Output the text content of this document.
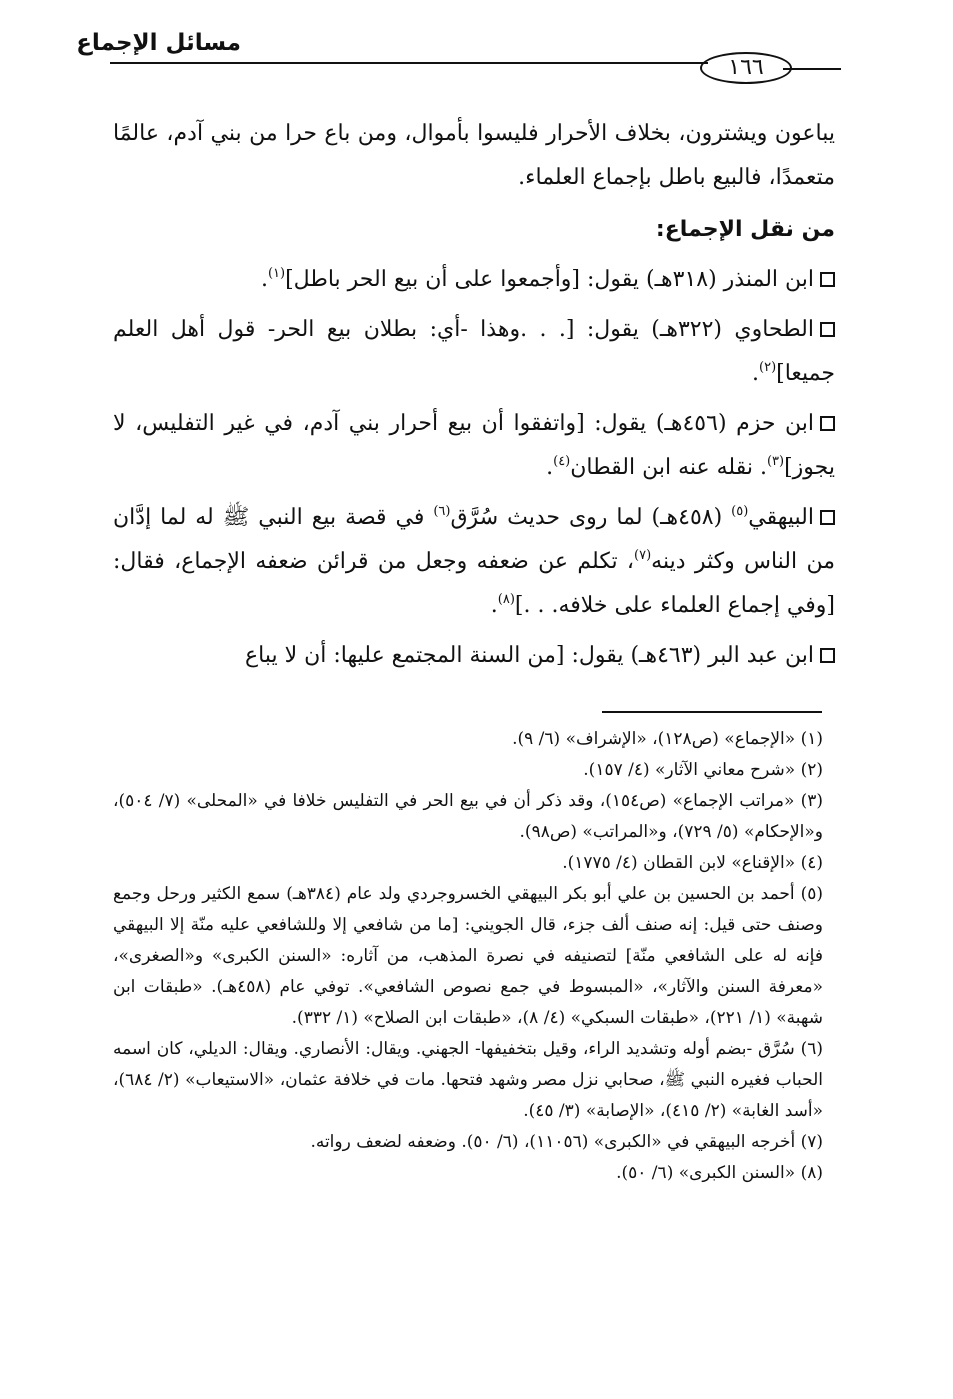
مسائل الإجماع
١٦٦

يباعون ويشترون، بخلاف الأحرار فليسوا بأموال، ومن باع حرا من بني آدم، عالمًا متعمدًا، فالبيع باطل بإجماع العلماء.

من نقل الإجماع:

ابن المنذر (٣١٨هـ) يقول: [وأجمعوا على أن بيع الحر باطل]$^{(١)}$.

الطحاوي (٣٢٢هـ) يقول: [. . .وهذا -أي: بطلان بيع الحر- قول أهل العلم جميعا]$^{(٢)}$.

ابن حزم (٤٥٦هـ) يقول: [واتفقوا أن بيع أحرار بني آدم، في غير التفليس، لا يجوز]$^{(٣)}$. نقله عنه ابن القطان$^{(٤)}$.

البيهقي$^{(٥)}$ (٤٥٨هـ) لما روى حديث سُرَّق$^{(٦)}$ في قصة بيع النبي ﷺ له لما إدَّان من الناس وكثر دينه$^{(٧)}$، تكلم عن ضعفه وجعل من قرائن ضعفه الإجماع، فقال: [وفي إجماع العلماء على خلافه. . .]$^{(٨)}$.

ابن عبد البر (٤٦٣هـ) يقول: [من السنة المجتمع عليها: أن لا يباع

(١) «الإجماع» (ص١٢٨)، «الإشراف» (٦/ ٩).

(٢) «شرح معاني الآثار» (٤/ ١٥٧).

(٣) «مراتب الإجماع» (ص١٥٤)، وقد ذكر أن في بيع الحر في التفليس خلافا في «المحلى» (٧/ ٥٠٤)، و«الإحكام» (٥/ ٧٢٩)، و«المراتب» (ص٩٨).

(٤) «الإقناع» لابن القطان (٤/ ١٧٧٥).

(٥) أحمد بن الحسين بن علي أبو بكر البيهقي الخسروجردي ولد عام (٣٨٤هـ) سمع الكثير ورحل وجمع وصنف حتى قيل: إنه صنف ألف جزء، قال الجويني: [ما من شافعي إلا وللشافعي عليه منّة إلا البيهقي فإنه له على الشافعي منّة] لتصنيفه في نصرة المذهب، من آثاره: «السنن الكبرى» و«الصغرى»، «معرفة السنن والآثار»، «المبسوط في جمع نصوص الشافعي». توفي عام (٤٥٨هـ). «طبقات ابن شهبة» (١/ ٢٢١)، «طبقات السبكي» (٤/ ٨)، «طبقات ابن الصلاح» (١/ ٣٣٢).

(٦) سُرَّق -بضم أوله وتشديد الراء، وقيل بتخفيفها- الجهني. ويقال: الأنصاري. ويقال: الديلي، كان اسمه الحباب فغيره النبي ﷺ، صحابي نزل مصر وشهد فتحها. مات في خلافة عثمان، «الاستيعاب» (٢/ ٦٨٤)، «أسد الغابة» (٢/ ٤١٥)، «الإصابة» (٣/ ٤٥).

(٧) أخرجه البيهقي في «الكبرى» (١١٠٥٦)، (٦/ ٥٠). وضعفه لضعف رواته.

(٨) «السنن الكبرى» (٦/ ٥٠).
